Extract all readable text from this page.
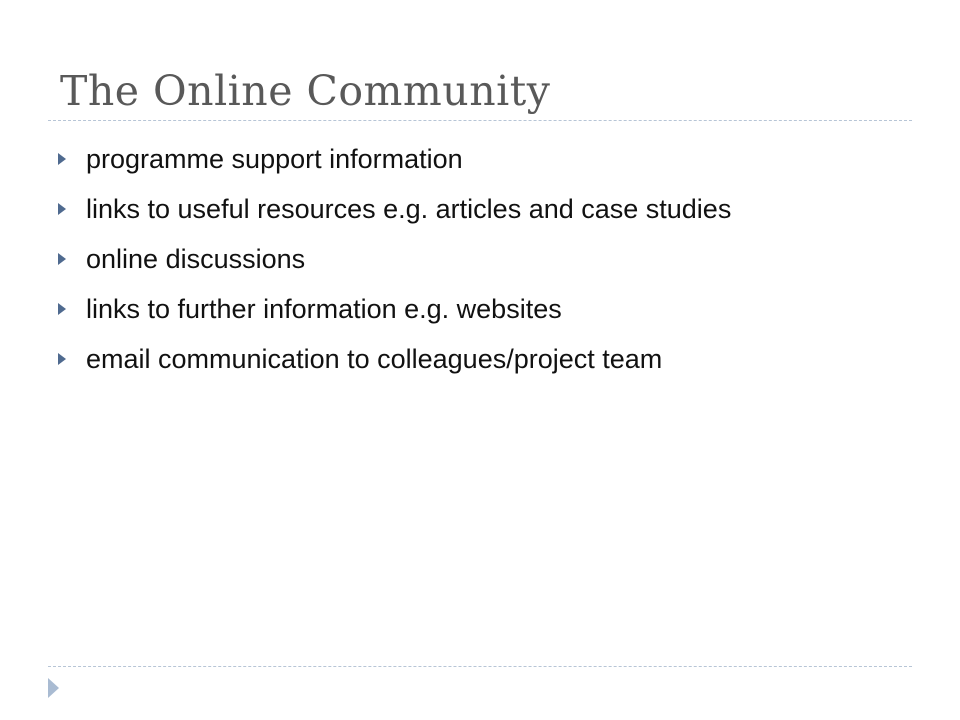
The Online Community
programme support information
links to useful resources e.g. articles and case studies
online discussions
links to further information e.g. websites
email communication to colleagues/project team
